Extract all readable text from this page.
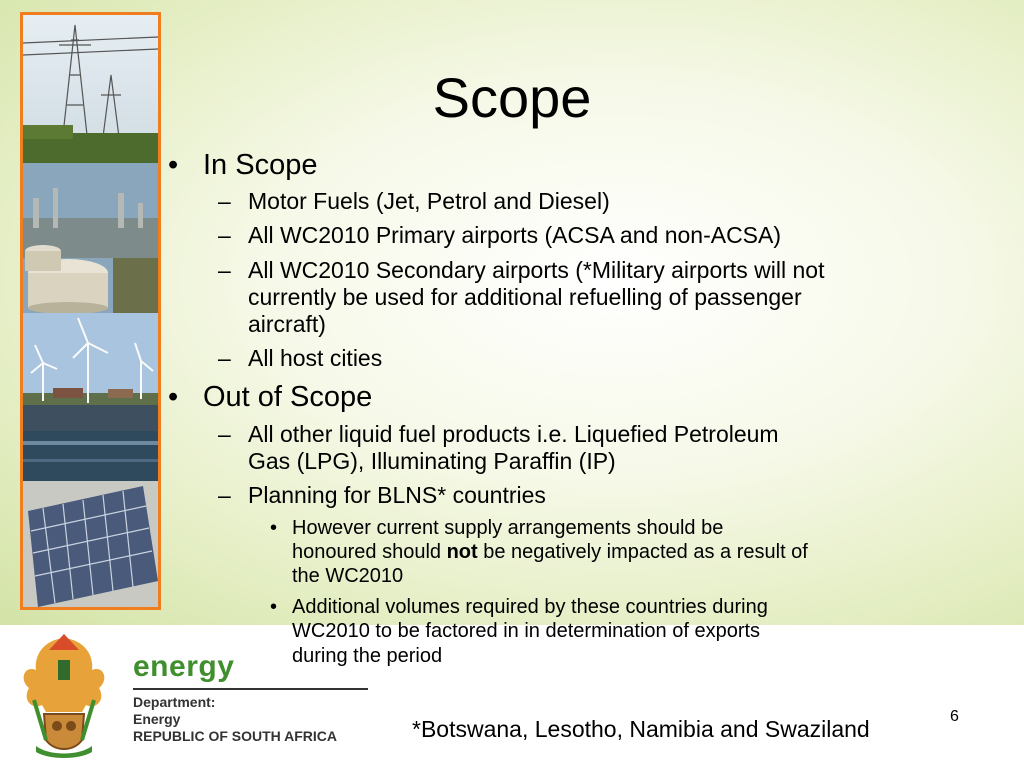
Scope
• In Scope
– Motor Fuels (Jet, Petrol and Diesel)
– All WC2010 Primary airports (ACSA and non-ACSA)
– All WC2010 Secondary airports (*Military airports will not
currently be used for additional refuelling of passenger
aircraft)
– All host cities
• Out of Scope
– All other liquid fuel products i.e. Liquefied Petroleum
Gas (LPG), Illuminating Paraffin (IP)
– Planning for BLNS* countries
• However current supply arrangements should be
honoured should not be negatively impacted as a result of
the WC2010
• Additional volumes required by these countries during
WC2010 to be factored in in determination of exports
during the period
energy
Department:
Energy
REPUBLIC OF SOUTH AFRICA	*Botswana, Lesotho, Namibia and Swaziland	6
